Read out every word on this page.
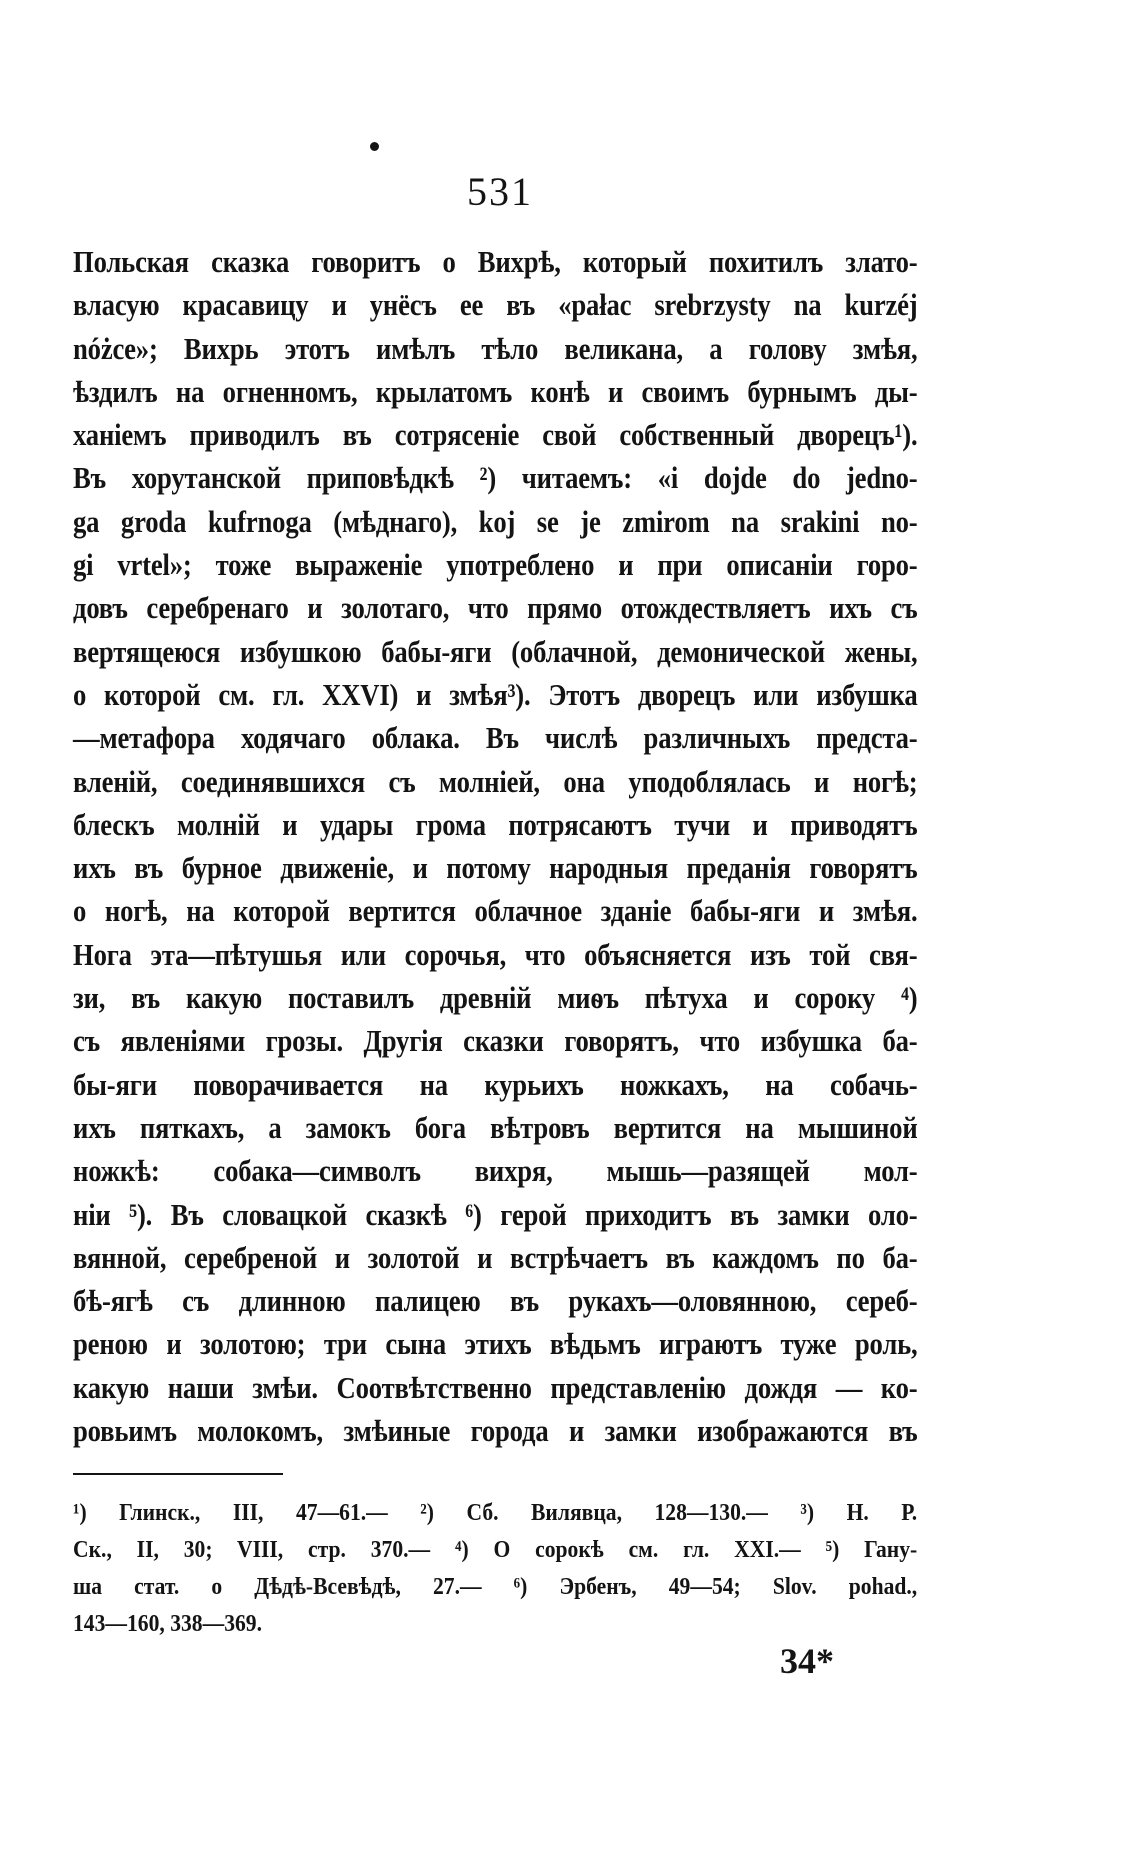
531
Польская сказка говоритъ о Вихрѣ, который похитилъ злато-
власую красавицу и унёсъ ее въ «pałac srebrzysty na kurzéj
nóżce»; Вихрь этотъ имѣлъ тѣло великана, а голову змѣя,
ѣздилъ на огненномъ, крылатомъ конѣ и своимъ бурнымъ ды-
ханіемъ приводилъ въ сотрясеніе свой собственный дворецъ¹).
Въ хорутанской приповѣдкѣ ²) читаемъ: «i dojde do jedno-
ga groda kufrnoga (мѣднаго), koj se je zmirom na srakini no-
gi vrtel»; тоже выраженіе употреблено и при описаніи горо-
довъ серебренаго и золотаго, что прямо отождествляетъ ихъ съ
вертящеюся избушкою бабы-яги (облачной, демонической жены,
о которой см. гл. XXVI) и змѣя³). Этотъ дворецъ или избушка
—метафора ходячаго облака. Въ числѣ различныхъ предста-
вленій, соединявшихся съ молніей, она уподоблялась и ногѣ;
блескъ молній и удары грома потрясаютъ тучи и приводятъ
ихъ въ бурное движеніе, и потому народныя преданія говорятъ
о ногѣ, на которой вертится облачное зданіе бабы-яги и змѣя.
Нога эта—пѣтушья или сорочья, что объясняется изъ той свя-
зи, въ какую поставилъ древній миѳъ пѣтуха и сороку ⁴)
съ явленіями грозы. Другія сказки говорятъ, что избушка ба-
бы-яги поворачивается на курьихъ ножкахъ, на собачь-
ихъ пяткахъ, а замокъ бога вѣтровъ вертится на мышиной
ножкѣ: собака—символъ вихря, мышь—разящей мол-
ніи ⁵). Въ словацкой сказкѣ ⁶) герой приходитъ въ замки оло-
вянной, серебреной и золотой и встрѣчаетъ въ каждомъ по ба-
бѣ-ягѣ съ длинною палицею въ рукахъ—оловянною, сереб-
реною и золотою; три сына этихъ вѣдьмъ играютъ туже роль,
какую наши змѣи. Соотвѣтственно представленію дождя — ко-
ровьимъ молокомъ, змѣиные города и замки изображаются въ
¹) Глинск., III, 47—61.— ²) Сб. Вилявца, 128—130.— ³) Н. Р.
Ск., II, 30; VIII, стр. 370.— ⁴) О сорокѣ см. гл. XXI.— ⁵) Гану-
ша стат. о Дѣдѣ-Всевѣдѣ, 27.— ⁶) Эрбенъ, 49—54; Slov. pohad.,
143—160, 338—369.
34*
